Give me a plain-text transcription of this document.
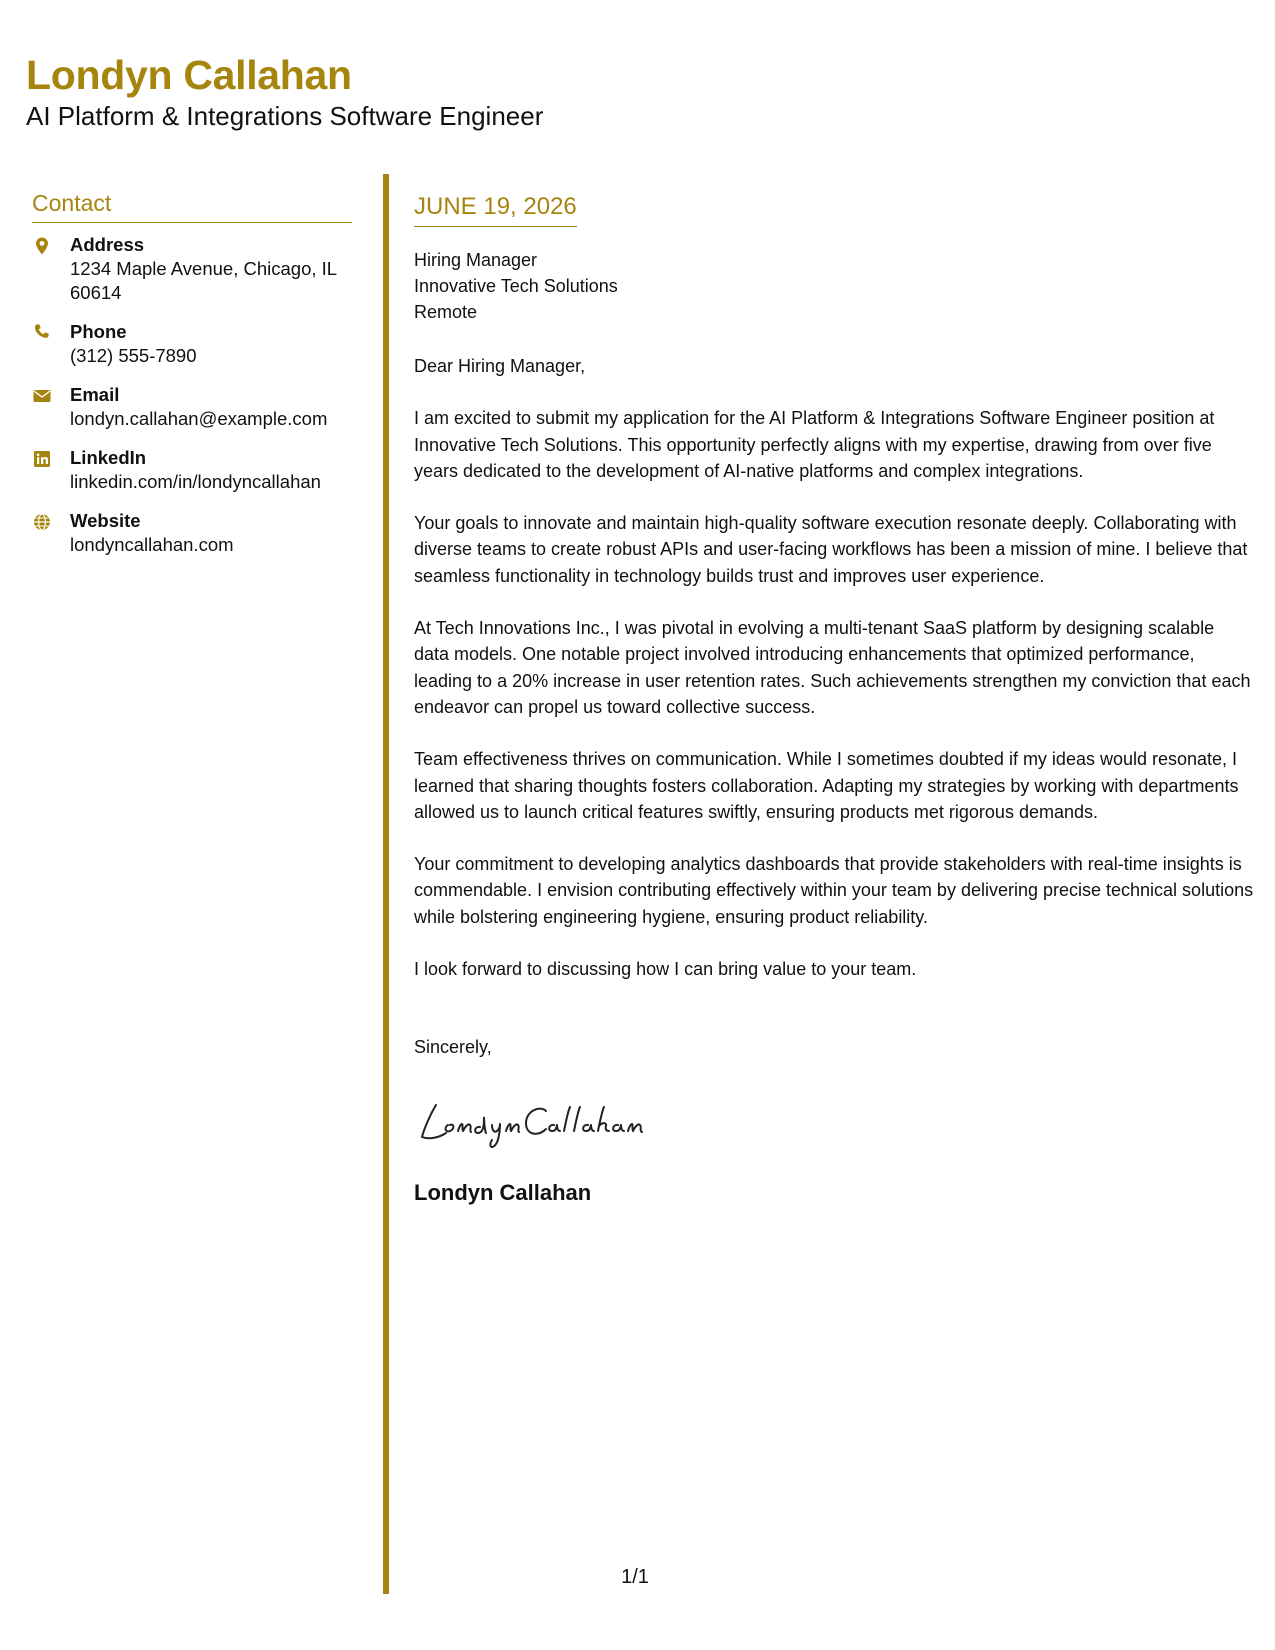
Londyn Callahan
AI Platform & Integrations Software Engineer
Contact
Address
1234 Maple Avenue, Chicago, IL 60614
Phone
(312) 555-7890
Email
londyn.callahan@example.com
LinkedIn
linkedin.com/in/londyncallahan
Website
londyncallahan.com
JUNE 19, 2026
Hiring Manager
Innovative Tech Solutions
Remote
Dear Hiring Manager,
I am excited to submit my application for the AI Platform & Integrations Software Engineer position at Innovative Tech Solutions. This opportunity perfectly aligns with my expertise, drawing from over five years dedicated to the development of AI-native platforms and complex integrations.
Your goals to innovate and maintain high-quality software execution resonate deeply. Collaborating with diverse teams to create robust APIs and user-facing workflows has been a mission of mine. I believe that seamless functionality in technology builds trust and improves user experience.
At Tech Innovations Inc., I was pivotal in evolving a multi-tenant SaaS platform by designing scalable data models. One notable project involved introducing enhancements that optimized performance, leading to a 20% increase in user retention rates. Such achievements strengthen my conviction that each endeavor can propel us toward collective success.
Team effectiveness thrives on communication. While I sometimes doubted if my ideas would resonate, I learned that sharing thoughts fosters collaboration. Adapting my strategies by working with departments allowed us to launch critical features swiftly, ensuring products met rigorous demands.
Your commitment to developing analytics dashboards that provide stakeholders with real-time insights is commendable. I envision contributing effectively within your team by delivering precise technical solutions while bolstering engineering hygiene, ensuring product reliability.
I look forward to discussing how I can bring value to your team.
Sincerely,
Londyn Callahan
1/1
